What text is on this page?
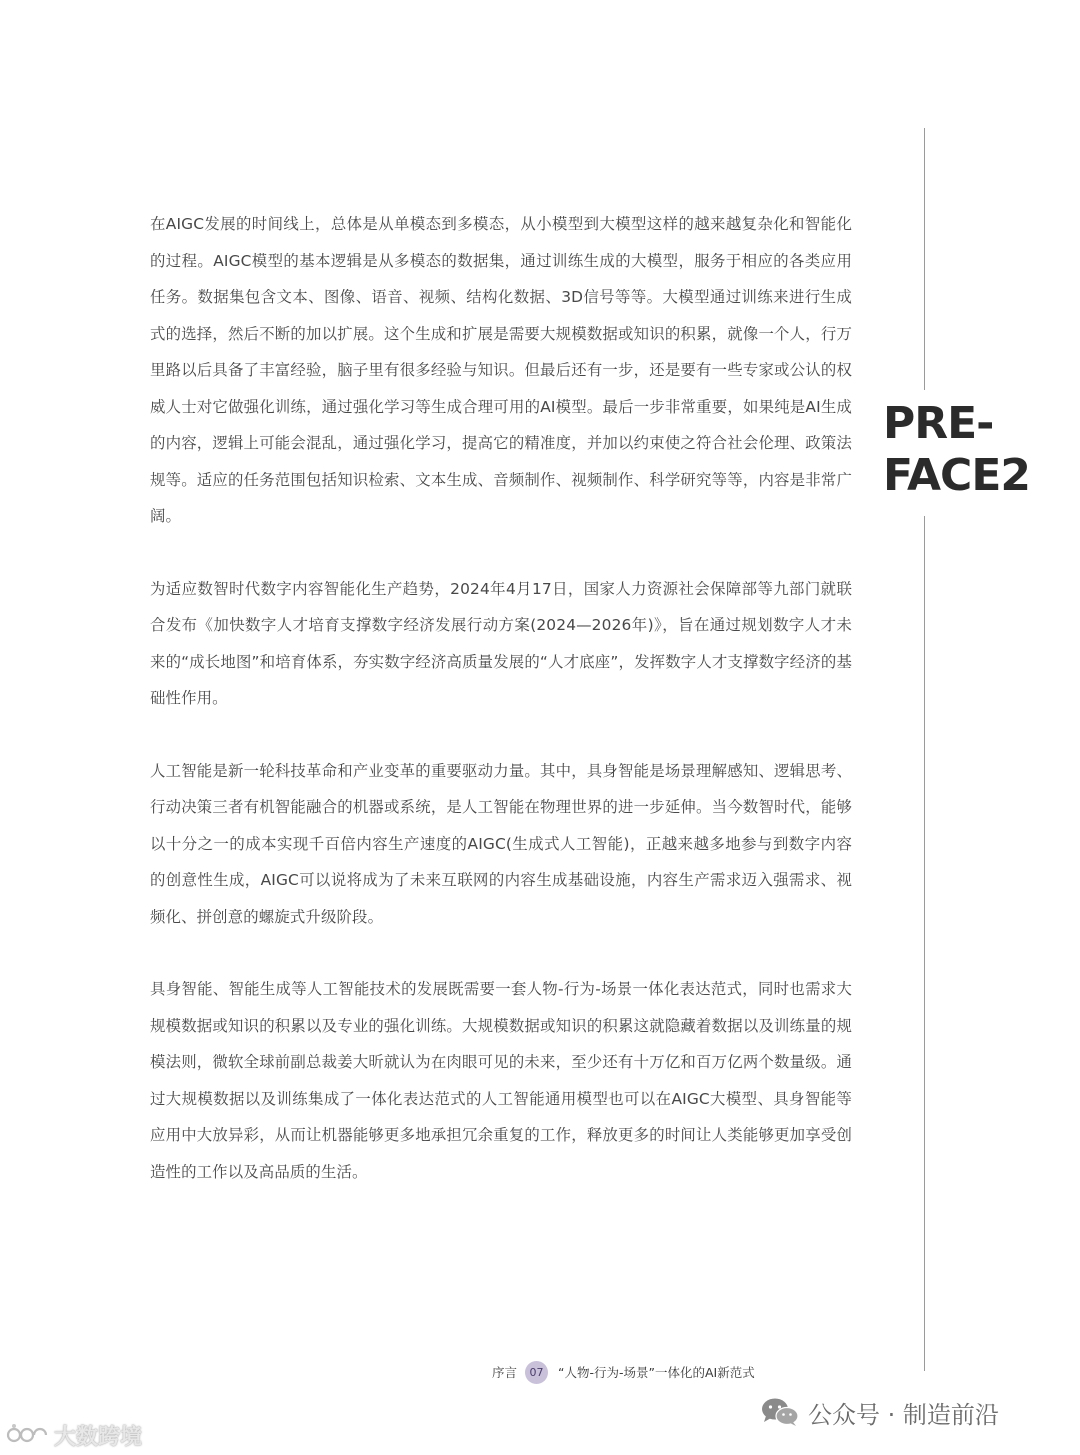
在AIGC发展的时间线上，总体是从单模态到多模态，从小模型到大模型这样的越来越复杂化和智能化的过程。AIGC模型的基本逻辑是从多模态的数据集，通过训练生成的大模型，服务于相应的各类应用任务。数据集包含文本、图像、语音、视频、结构化数据、3D信号等等。大模型通过训练来进行生成式的选择，然后不断的加以扩展。这个生成和扩展是需要大规模数据或知识的积累，就像一个人，行万里路以后具备了丰富经验，脑子里有很多经验与知识。但最后还有一步，还是要有一些专家或公认的权威人士对它做强化训练，通过强化学习等生成合理可用的AI模型。最后一步非常重要，如果纯是AI生成的内容，逻辑上可能会混乱，通过强化学习，提高它的精准度，并加以约束使之符合社会伦理、政策法规等。适应的任务范围包括知识检索、文本生成、音频制作、视频制作、科学研究等等，内容是非常广阔。

为适应数智时代数字内容智能化生产趋势，2024年4月17日，国家人力资源社会保障部等九部门就联合发布《加快数字人才培育支撑数字经济发展行动方案(2024—2026年)》，旨在通过规划数字人才未来的“成长地图”和培育体系，夯实数字经济高质量发展的“人才底座”，发挥数字人才支撑数字经济的基础性作用。

人工智能是新一轮科技革命和产业变革的重要驱动力量。其中，具身智能是场景理解感知、逻辑思考、行动决策三者有机智能融合的机器或系统，是人工智能在物理世界的进一步延伸。当今数智时代，能够以十分之一的成本实现千百倍内容生产速度的AIGC(生成式人工智能)，正越来越多地参与到数字内容的创意性生成，AIGC可以说将成为了未来互联网的内容生成基础设施，内容生产需求迈入强需求、视频化、拼创意的螺旋式升级阶段。

具身智能、智能生成等人工智能技术的发展既需要一套人物-行为-场景一体化表达范式，同时也需求大规模数据或知识的积累以及专业的强化训练。大规模数据或知识的积累这就隐藏着数据以及训练量的规模法则，微软全球前副总裁姜大昕就认为在肉眼可见的未来，至少还有十万亿和百万亿两个数量级。通过大规模数据以及训练集成了一体化表达范式的人工智能通用模型也可以在AIGC大模型、具身智能等应用中大放异彩，从而让机器能够更多地承担冗余重复的工作，释放更多的时间让人类能够更加享受创造性的工作以及高品质的生活。

PRE-
FACE2
序言	07	“人物-行为-场景”一体化的AI新范式
公众号 · 制造前沿
大数跨境
